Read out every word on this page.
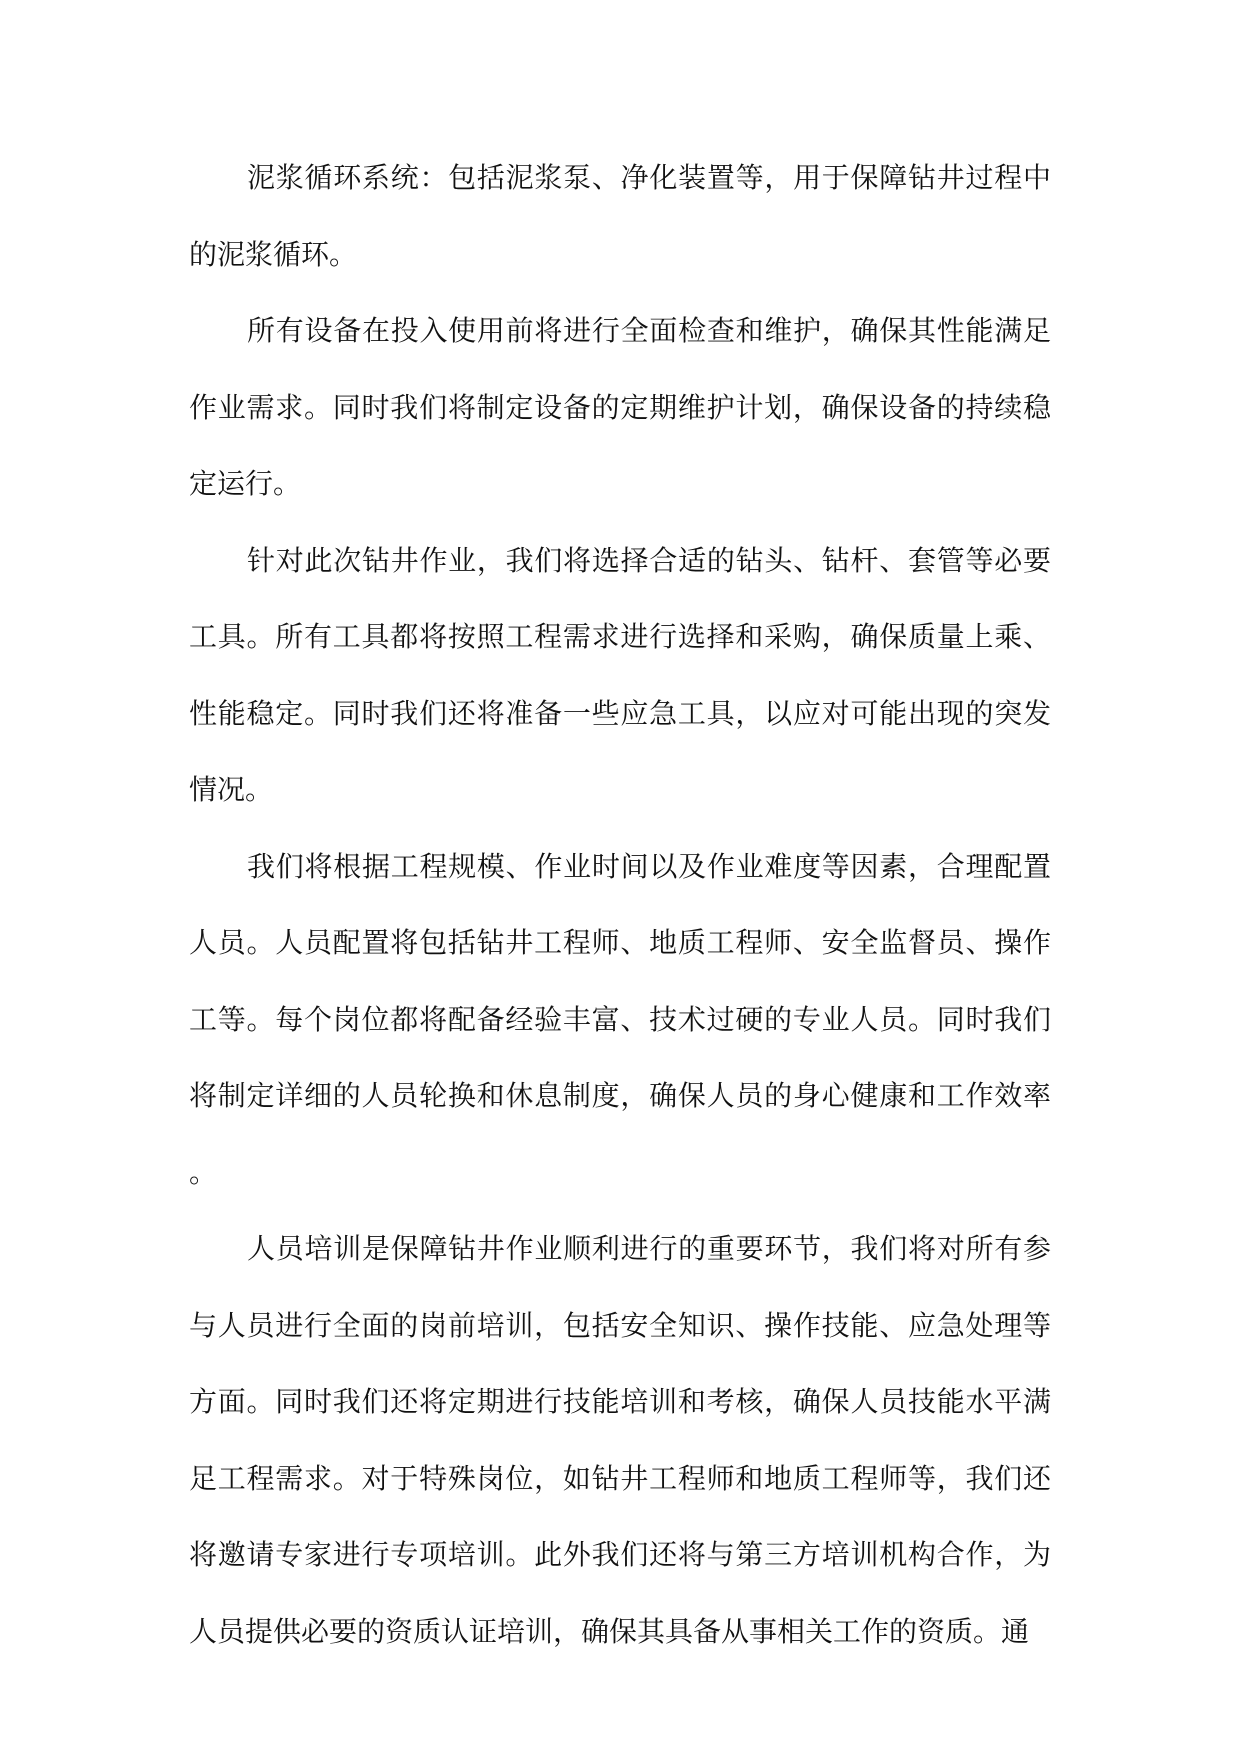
泥浆循环系统：包括泥浆泵、净化装置等，用于保障钻井过程中的泥浆循环。

所有设备在投入使用前将进行全面检查和维护，确保其性能满足作业需求。同时我们将制定设备的定期维护计划，确保设备的持续稳定运行。

针对此次钻井作业，我们将选择合适的钻头、钻杆、套管等必要工具。所有工具都将按照工程需求进行选择和采购，确保质量上乘、性能稳定。同时我们还将准备一些应急工具，以应对可能出现的突发情况。

我们将根据工程规模、作业时间以及作业难度等因素，合理配置人员。人员配置将包括钻井工程师、地质工程师、安全监督员、操作工等。每个岗位都将配备经验丰富、技术过硬的专业人员。同时我们将制定详细的人员轮换和休息制度，确保人员的身心健康和工作效率。

人员培训是保障钻井作业顺利进行的重要环节，我们将对所有参与人员进行全面的岗前培训，包括安全知识、操作技能、应急处理等方面。同时我们还将定期进行技能培训和考核，确保人员技能水平满足工程需求。对于特殊岗位，如钻井工程师和地质工程师等，我们还将邀请专家进行专项培训。此外我们还将与第三方培训机构合作，为人员提供必要的资质认证培训，确保其具备从事相关工作的资质。通
